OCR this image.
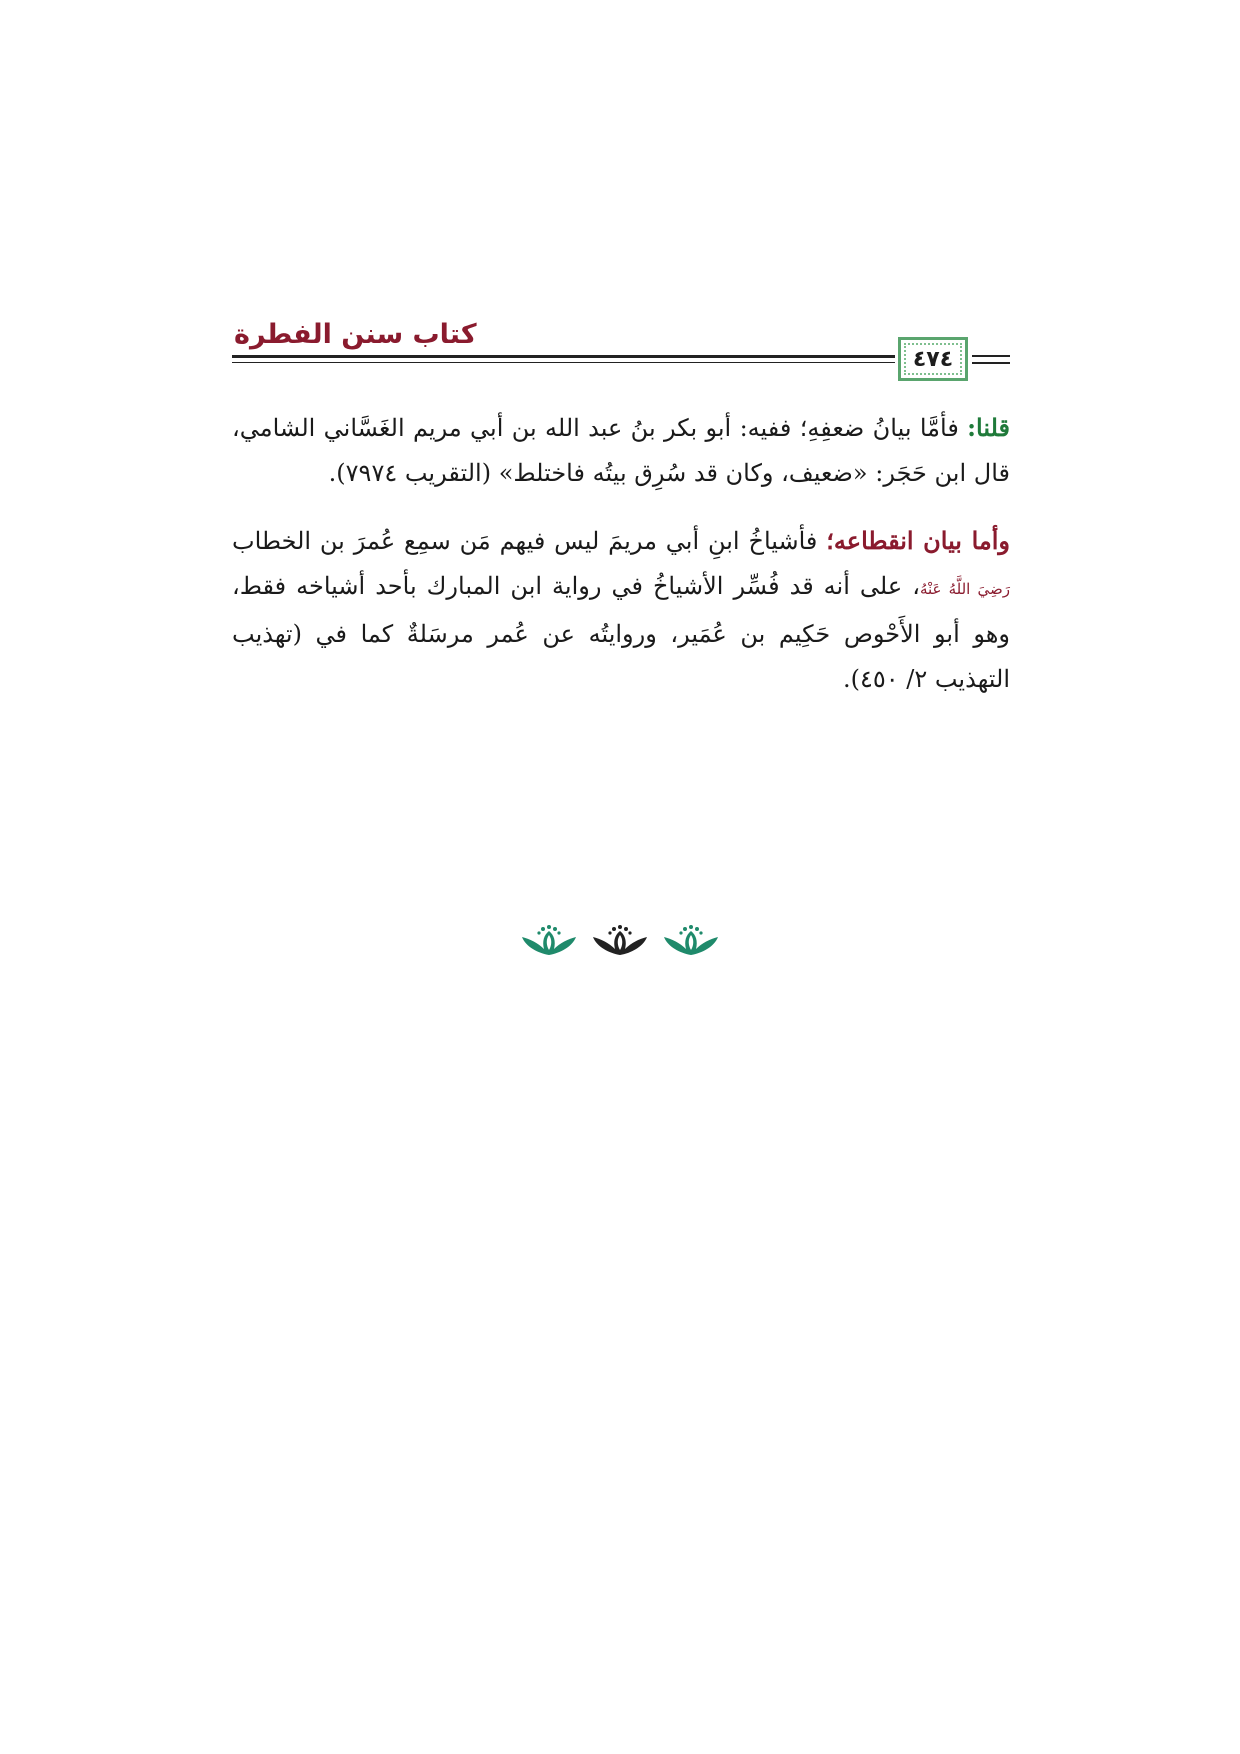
كتاب سنن الفطرة
٤٧٤

قلنا: فأمَّا بيانُ ضعفِهِ؛ ففيه: أبو بكر بنُ عبد الله بن أبي مريم الغَسَّاني الشامي، قال ابن حَجَر: «ضعيف، وكان قد سُرِق بيتُه فاختلط» (التقريب ٧٩٧٤).

وأما بيان انقطاعه؛ فأشياخُ ابنِ أبي مريمَ ليس فيهم مَن سمِع عُمرَ بن الخطاب رَضِيَ اللَّهُ عَنْهُ، على أنه قد فُسِّر الأشياخُ في رواية ابن المبارك بأحد أشياخه فقط، وهو أبو الأَحْوص حَكِيم بن عُمَير، وروايتُه عن عُمر مرسَلةٌ كما في (تهذيب التهذيب ٢/ ٤٥٠).
